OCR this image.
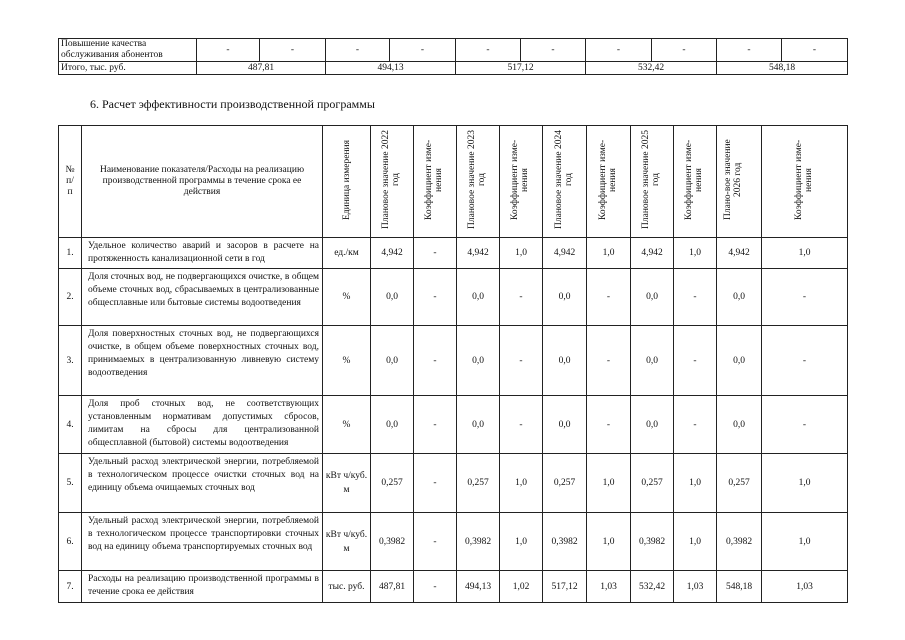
Повышение качества обслуживания абонентов	-	-	-	-	-	-	-	-	-	-
Итого, тыс. руб.	487,81		494,13		517,12		532,42		548,18	
6. Расчет эффективности производственной программы
№ п/ п	Наименование показателя/Расходы на реализацию производственной программы в течение срока ее действия	Единица измерения	Плановое значение 2022 год	Коэффициент изме-нения	Плановое значение 2023 год	Коэффициент изме-нения	Плановое значение 2024 год	Коэффициент изме-нения	Плановое значение 2025 год	Коэффициент изме-нения	Плано-вое значение 2026 год	Коэффициент изме-нения
1.	Удельное количество аварий и засоров в расчете на протяженность канализационной сети в год	ед./км	4,942	-	4,942	1,0	4,942	1,0	4,942	1,0	4,942	1,0
2.	Доля сточных вод, не подвергающихся очистке, в общем объеме сточных вод, сбрасываемых в централизованные общесплавные или бытовые системы водоотведения	%	0,0	-	0,0	-	0,0	-	0,0	-	0,0	-
3.	Доля поверхностных сточных вод, не подвергающихся очистке, в общем объеме поверхностных сточных вод, принимаемых в централизованную ливневую систему водоотведения	%	0,0	-	0,0	-	0,0	-	0,0	-	0,0	-
4.	Доля проб сточных вод, не соответствующих установленным нормативам допустимых сбросов, лимитам на сбросы для централизованной общесплавной (бытовой) системы водоотведения	%	0,0	-	0,0	-	0,0	-	0,0	-	0,0	-
5.	Удельный расход электрической энергии, потребляемой в технологическом процессе очистки сточных вод на единицу объема очищаемых сточных вод	кВт ч/куб. м	0,257	-	0,257	1,0	0,257	1,0	0,257	1,0	0,257	1,0
6.	Удельный расход электрической энергии, потребляемой в технологическом процессе транспортировки сточных вод на единицу объема транспортируемых сточных вод	кВт ч/куб. м	0,3982	-	0,3982	1,0	0,3982	1,0	0,3982	1,0	0,3982	1,0
7.	Расходы на реализацию производственной программы в течение срока ее действия	тыс. руб.	487,81	-	494,13	1,02	517,12	1,03	532,42	1,03	548,18	1,03
